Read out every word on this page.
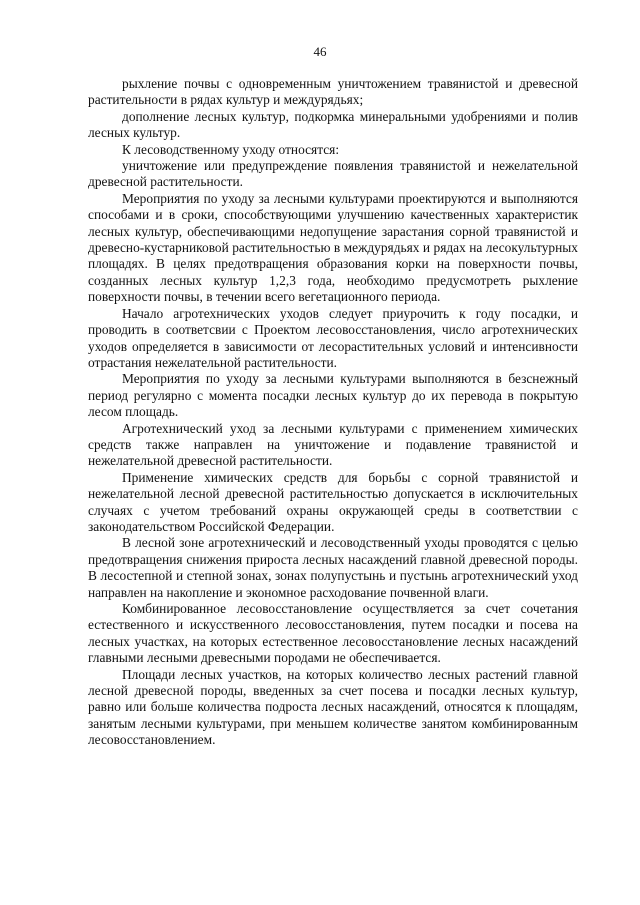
46

рыхление почвы с одновременным уничтожением травянистой и древесной растительности в рядах культур и междурядьях;

дополнение лесных культур, подкормка минеральными удобрениями и полив лесных культур.

К лесоводственному уходу относятся:

уничтожение или предупреждение появления травянистой и нежелательной древесной растительности.

Мероприятия по уходу за лесными культурами проектируются и выполняются способами и в сроки, способствующими улучшению качественных характеристик лесных культур, обеспечивающими недопущение зарастания сорной травянистой и древесно-кустарниковой растительностью в междурядьях и рядах на лесокультурных площадях. В целях предотвращения образования корки на поверхности почвы, созданных лесных культур 1,2,3 года, необходимо предусмотреть рыхление поверхности почвы, в течении всего вегетационного периода.

Начало агротехнических уходов следует приурочить к году посадки, и проводить в соответсвии с Проектом лесовосстановления, число агротехнических уходов определяется в зависимости от лесорастительных условий и интенсивности отрастания нежелательной растительности.

Мероприятия по уходу за лесными культурами выполняются в безснежный период регулярно с момента посадки лесных культур до их перевода в покрытую лесом площадь.

Агротехнический уход за лесными культурами с применением химических средств также направлен на уничтожение и подавление травянистой и нежелательной древесной растительности.

Применение химических средств для борьбы с сорной травянистой и нежелательной лесной древесной растительностью допускается в исключительных случаях с учетом требований охраны окружающей среды в соответствии с законодательством Российской Федерации.

В лесной зоне агротехнический и лесоводственный уходы проводятся с целью предотвращения снижения прироста лесных насаждений главной древесной породы. В лесостепной и степной зонах, зонах полупустынь и пустынь агротехнический уход направлен на накопление и экономное расходование почвенной влаги.

Комбинированное лесовосстановление осуществляется за счет сочетания естественного и искусственного лесовосстановления, путем посадки и посева на лесных участках, на которых естественное лесовосстановление лесных насаждений главными лесными древесными породами не обеспечивается.

Площади лесных участков, на которых количество лесных растений главной лесной древесной породы, введенных за счет посева и посадки лесных культур, равно или больше количества подроста лесных насаждений, относятся к площадям, занятым лесными культурами, при меньшем количестве занятом комбинированным лесовосстановлением.
